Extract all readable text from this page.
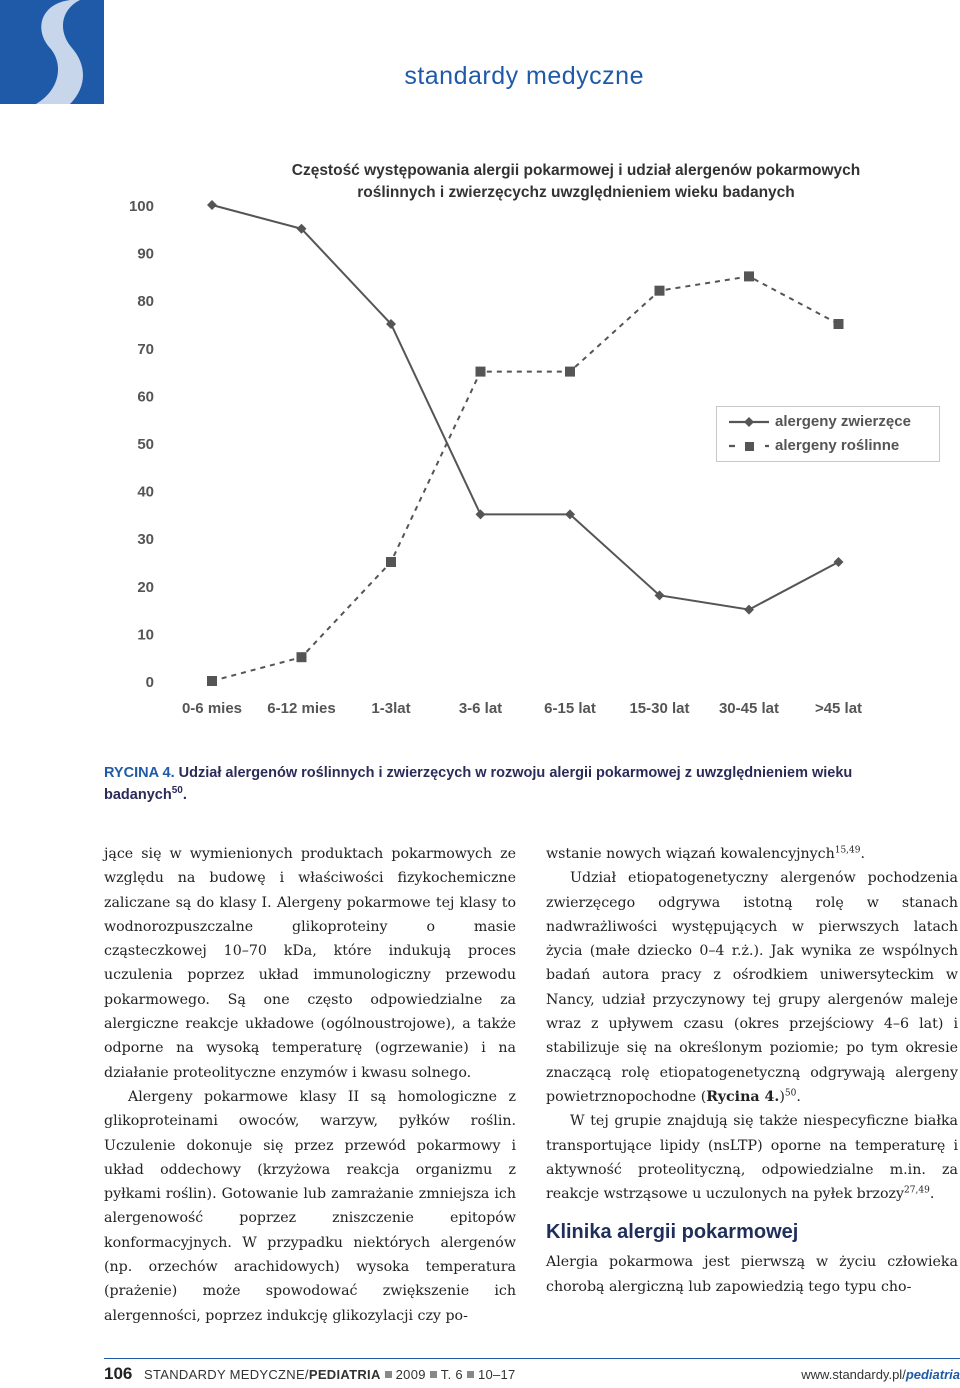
standardy medyczne
0
10
20
30
40
50
60
70
80
90
100
0-6 mies 6-12 mies 1-3lat	3-6 lat	6-15 lat 15-30 lat 30-45 lat >45 lat
Częstość występowania alergii pokarmowej i udział alergenów pokarmowych
roślinnych i zwierzęcychz uwzględnieniem wieku badanych
alergeny zwierzęce
alergeny roślinne
RYCINA 4. Udział alergenów roślinnych i zwierzęcych w rozwoju alergii pokarmowej z uwzględnieniem wieku badanych$^{50}$.

jące się w wymienionych produktach pokarmowych ze względu na budowę i właściwości fizykochemiczne zaliczane są do klasy I. Alergeny pokarmowe tej klasy to wodnorozpuszczalne glikoproteiny o masie cząsteczkowej 10–70 kDa, które indukują proces uczulenia poprzez układ immunologiczny przewodu pokarmowego. Są one często odpowiedzialne za alergiczne reakcje układowe (ogólnoustrojowe), a także odporne na wysoką temperaturę (ogrzewanie) i na działanie proteolityczne enzymów i kwasu solnego.

Alergeny pokarmowe klasy II są homologiczne z glikoproteinami owoców, warzyw, pyłków roślin. Uczulenie dokonuje się przez przewód pokarmowy i układ oddechowy (krzyżowa reakcja organizmu z pyłkami roślin). Gotowanie lub zamrażanie zmniejsza ich alergenowość poprzez zniszczenie epitopów konformacyjnych. W przypadku niektórych alergenów (np. orzechów arachidowych) wysoka temperatura (prażenie) może spowodować zwiększenie ich alergenności, poprzez indukcję glikozylacji czy po-

wstanie nowych wiązań kowalencyjnych$^{15,49}$.

Udział etiopatogenetyczny alergenów pochodzenia zwierzęcego odgrywa istotną rolę w stanach nadwrażliwości występujących w pierwszych latach życia (małe dziecko 0–4 r.ż.). Jak wynika ze wspólnych badań autora pracy z ośrodkiem uniwersyteckim w Nancy, udział przyczynowy tej grupy alergenów maleje wraz z upływem czasu (okres przejściowy 4–6 lat) i stabilizuje się na określonym poziomie; po tym okresie znaczącą rolę etiopatogenetyczną odgrywają alergeny powietrznopochodne (Rycina 4.)$^{50}$.

W tej grupie znajdują się także niespecyficzne białka transportujące lipidy (nsLTP) oporne na temperaturę i aktywność proteolityczną, odpowiedzialne m.in. za reakcje wstrząsowe u uczulonych na pyłek brzozy$^{27,49}$.

Klinika alergii pokarmowej

Alergia pokarmowa jest pierwszą w życiu człowieka chorobą alergiczną lub zapowiedzią tego typu cho-

106 STANDARDY MEDYCZNE/PEDIATRIA 2009 T. 6 10–17	www.standardy.pl/pediatria
